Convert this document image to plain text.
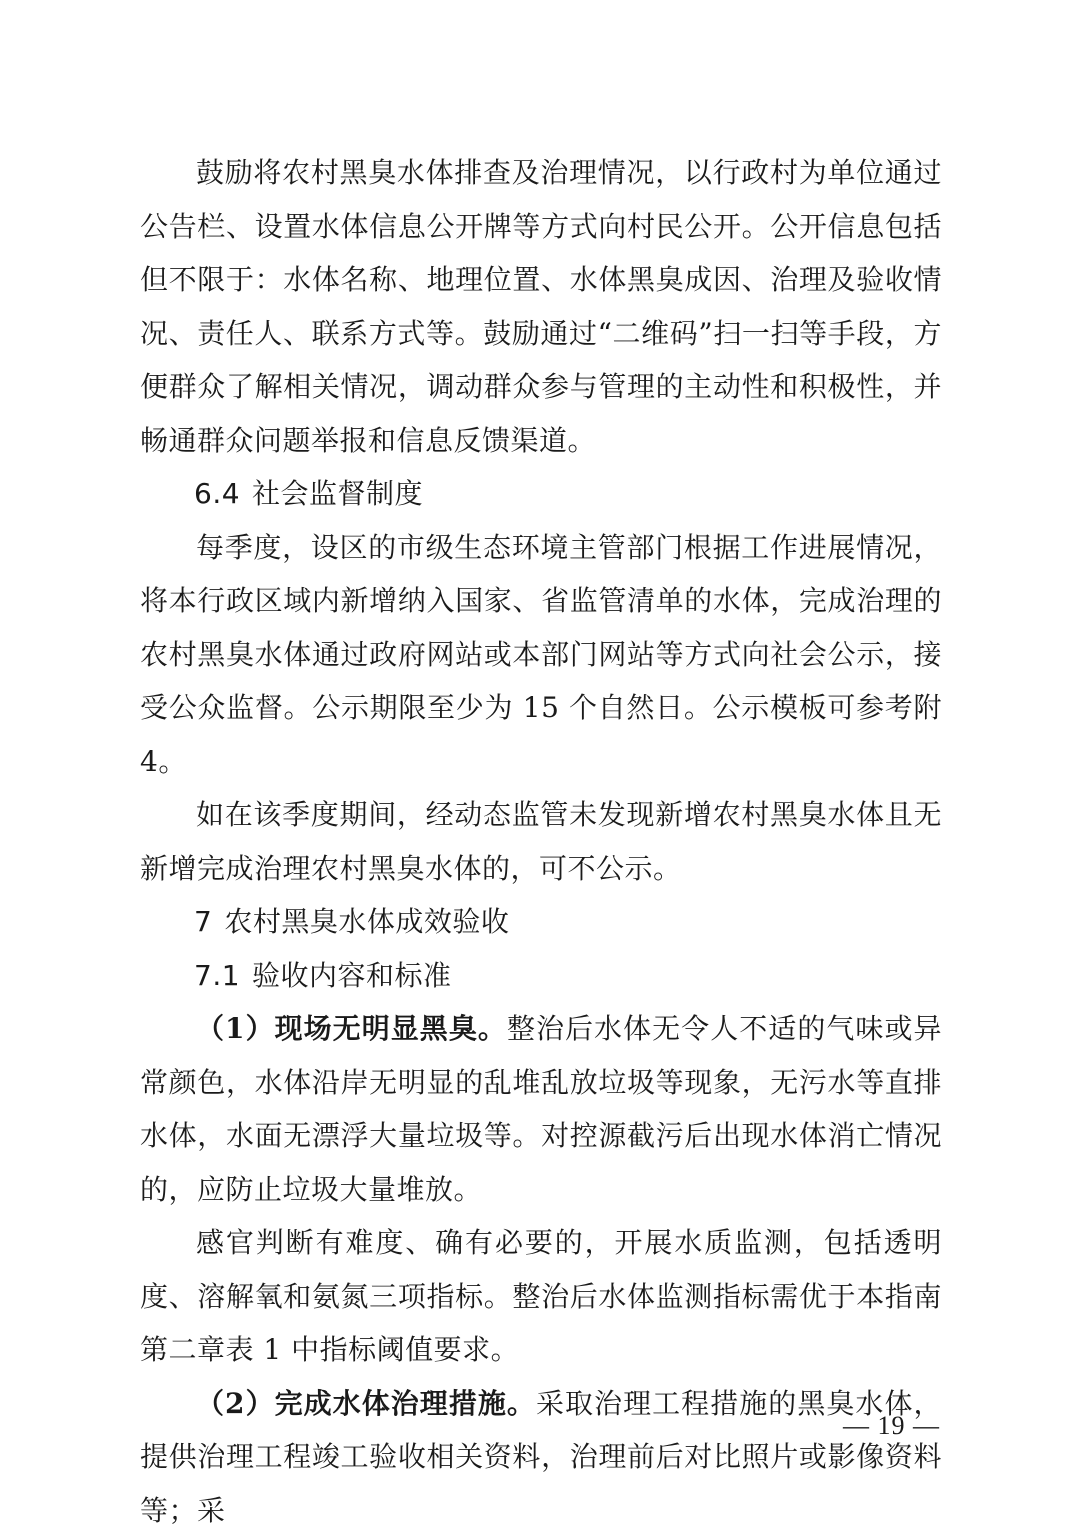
鼓励将农村黑臭水体排查及治理情况，以行政村为单位通过公告栏、设置水体信息公开牌等方式向村民公开。公开信息包括但不限于：水体名称、地理位置、水体黑臭成因、治理及验收情况、责任人、联系方式等。鼓励通过“二维码”扫一扫等手段，方便群众了解相关情况，调动群众参与管理的主动性和积极性，并畅通群众问题举报和信息反馈渠道。

6.4 社会监督制度

每季度，设区的市级生态环境主管部门根据工作进展情况，将本行政区域内新增纳入国家、省监管清单的水体，完成治理的农村黑臭水体通过政府网站或本部门网站等方式向社会公示，接受公众监督。公示期限至少为 15 个自然日。公示模板可参考附 4。

如在该季度期间，经动态监管未发现新增农村黑臭水体且无新增完成治理农村黑臭水体的，可不公示。

7 农村黑臭水体成效验收

7.1 验收内容和标准

（1）现场无明显黑臭。整治后水体无令人不适的气味或异常颜色，水体沿岸无明显的乱堆乱放垃圾等现象，无污水等直排水体，水面无漂浮大量垃圾等。对控源截污后出现水体消亡情况的，应防止垃圾大量堆放。

感官判断有难度、确有必要的，开展水质监测，包括透明度、溶解氧和氨氮三项指标。整治后水体监测指标需优于本指南第二章表 1 中指标阈值要求。

（2）完成水体治理措施。采取治理工程措施的黑臭水体，提供治理工程竣工验收相关资料，治理前后对比照片或影像资料等；采

— 19 —
